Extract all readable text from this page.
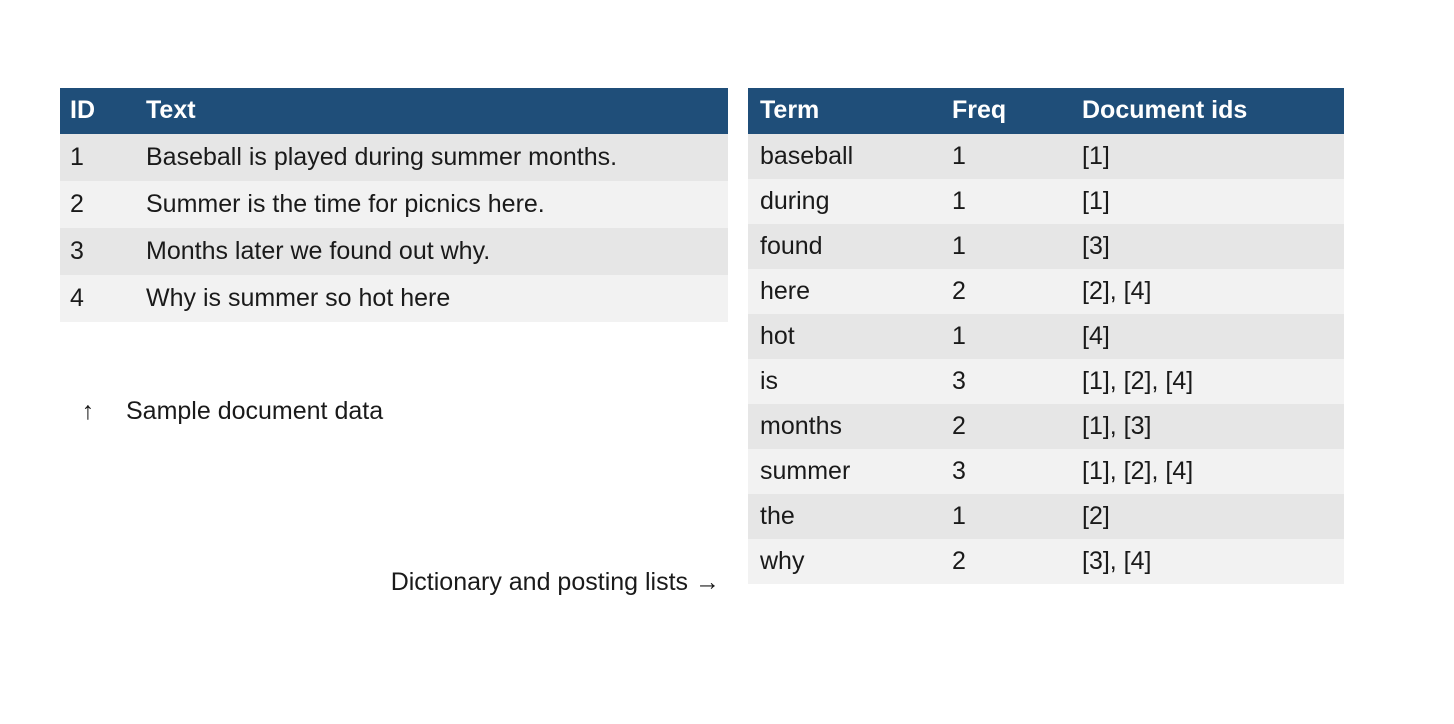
ID	Text
1	Baseball is played during summer months.
2	Summer is the time for picnics here.
3	Months later we found out why.
4	Why is summer so hot here
↑	Sample document data
Dictionary and posting lists →
Term	Freq	Document ids
baseball	1	[1]
during	1	[1]
found	1	[3]
here	2	[2], [4]
hot	1	[4]
is	3	[1], [2], [4]
months	2	[1], [3]
summer	3	[1], [2], [4]
the	1	[2]
why	2	[3], [4]
